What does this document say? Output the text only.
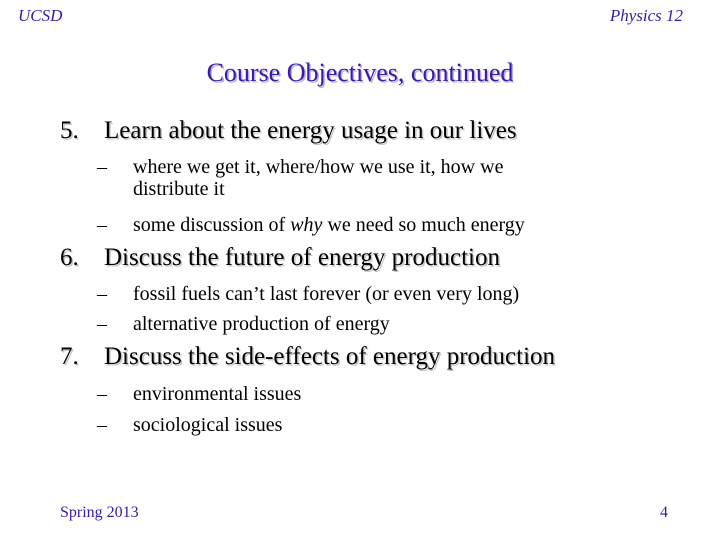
UCSD	Physics 12
Course Objectives, continued
5. Learn about the energy usage in our lives
– where we get it, where/how we use it, how we
distribute it
– some discussion of why we need so much energy
6. Discuss the future of energy production
– fossil fuels can’t last forever (or even very long)
– alternative production of energy
7. Discuss the side-effects of energy production
– environmental issues
– sociological issues
Spring 2013	4
